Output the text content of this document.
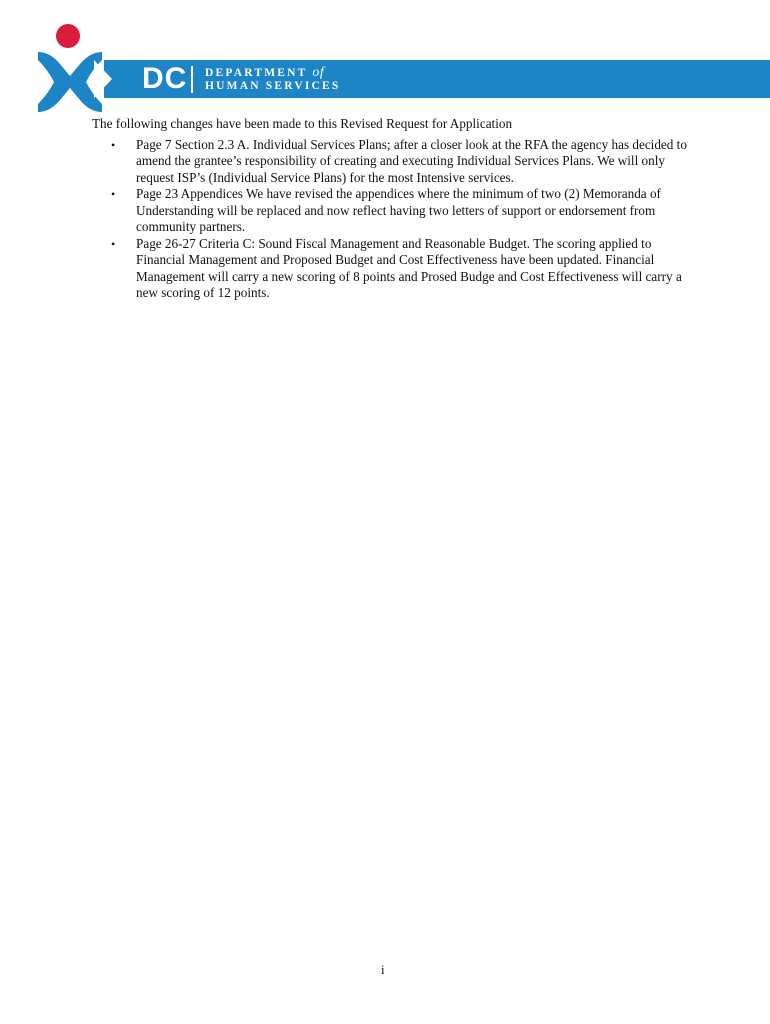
DC DEPARTMENT of
HUMAN SERVICES

The following changes have been made to this Revised Request for Application

• Page 7 Section 2.3 A. Individual Services Plans; after a closer look at the RFA the agency has decided to amend the grantee’s responsibility of creating and executing Individual Services Plans. We will only request ISP’s (Individual Service Plans) for the most Intensive services.
• Page 23 Appendices We have revised the appendices where the minimum of two (2) Memoranda of Understanding will be replaced and now reflect having two letters of support or endorsement from community partners.
• Page 26-27 Criteria C: Sound Fiscal Management and Reasonable Budget. The scoring applied to Financial Management and Proposed Budget and Cost Effectiveness have been updated. Financial Management will carry a new scoring of 8 points and Prosed Budge and Cost Effectiveness will carry a new scoring of 12 points.
i
